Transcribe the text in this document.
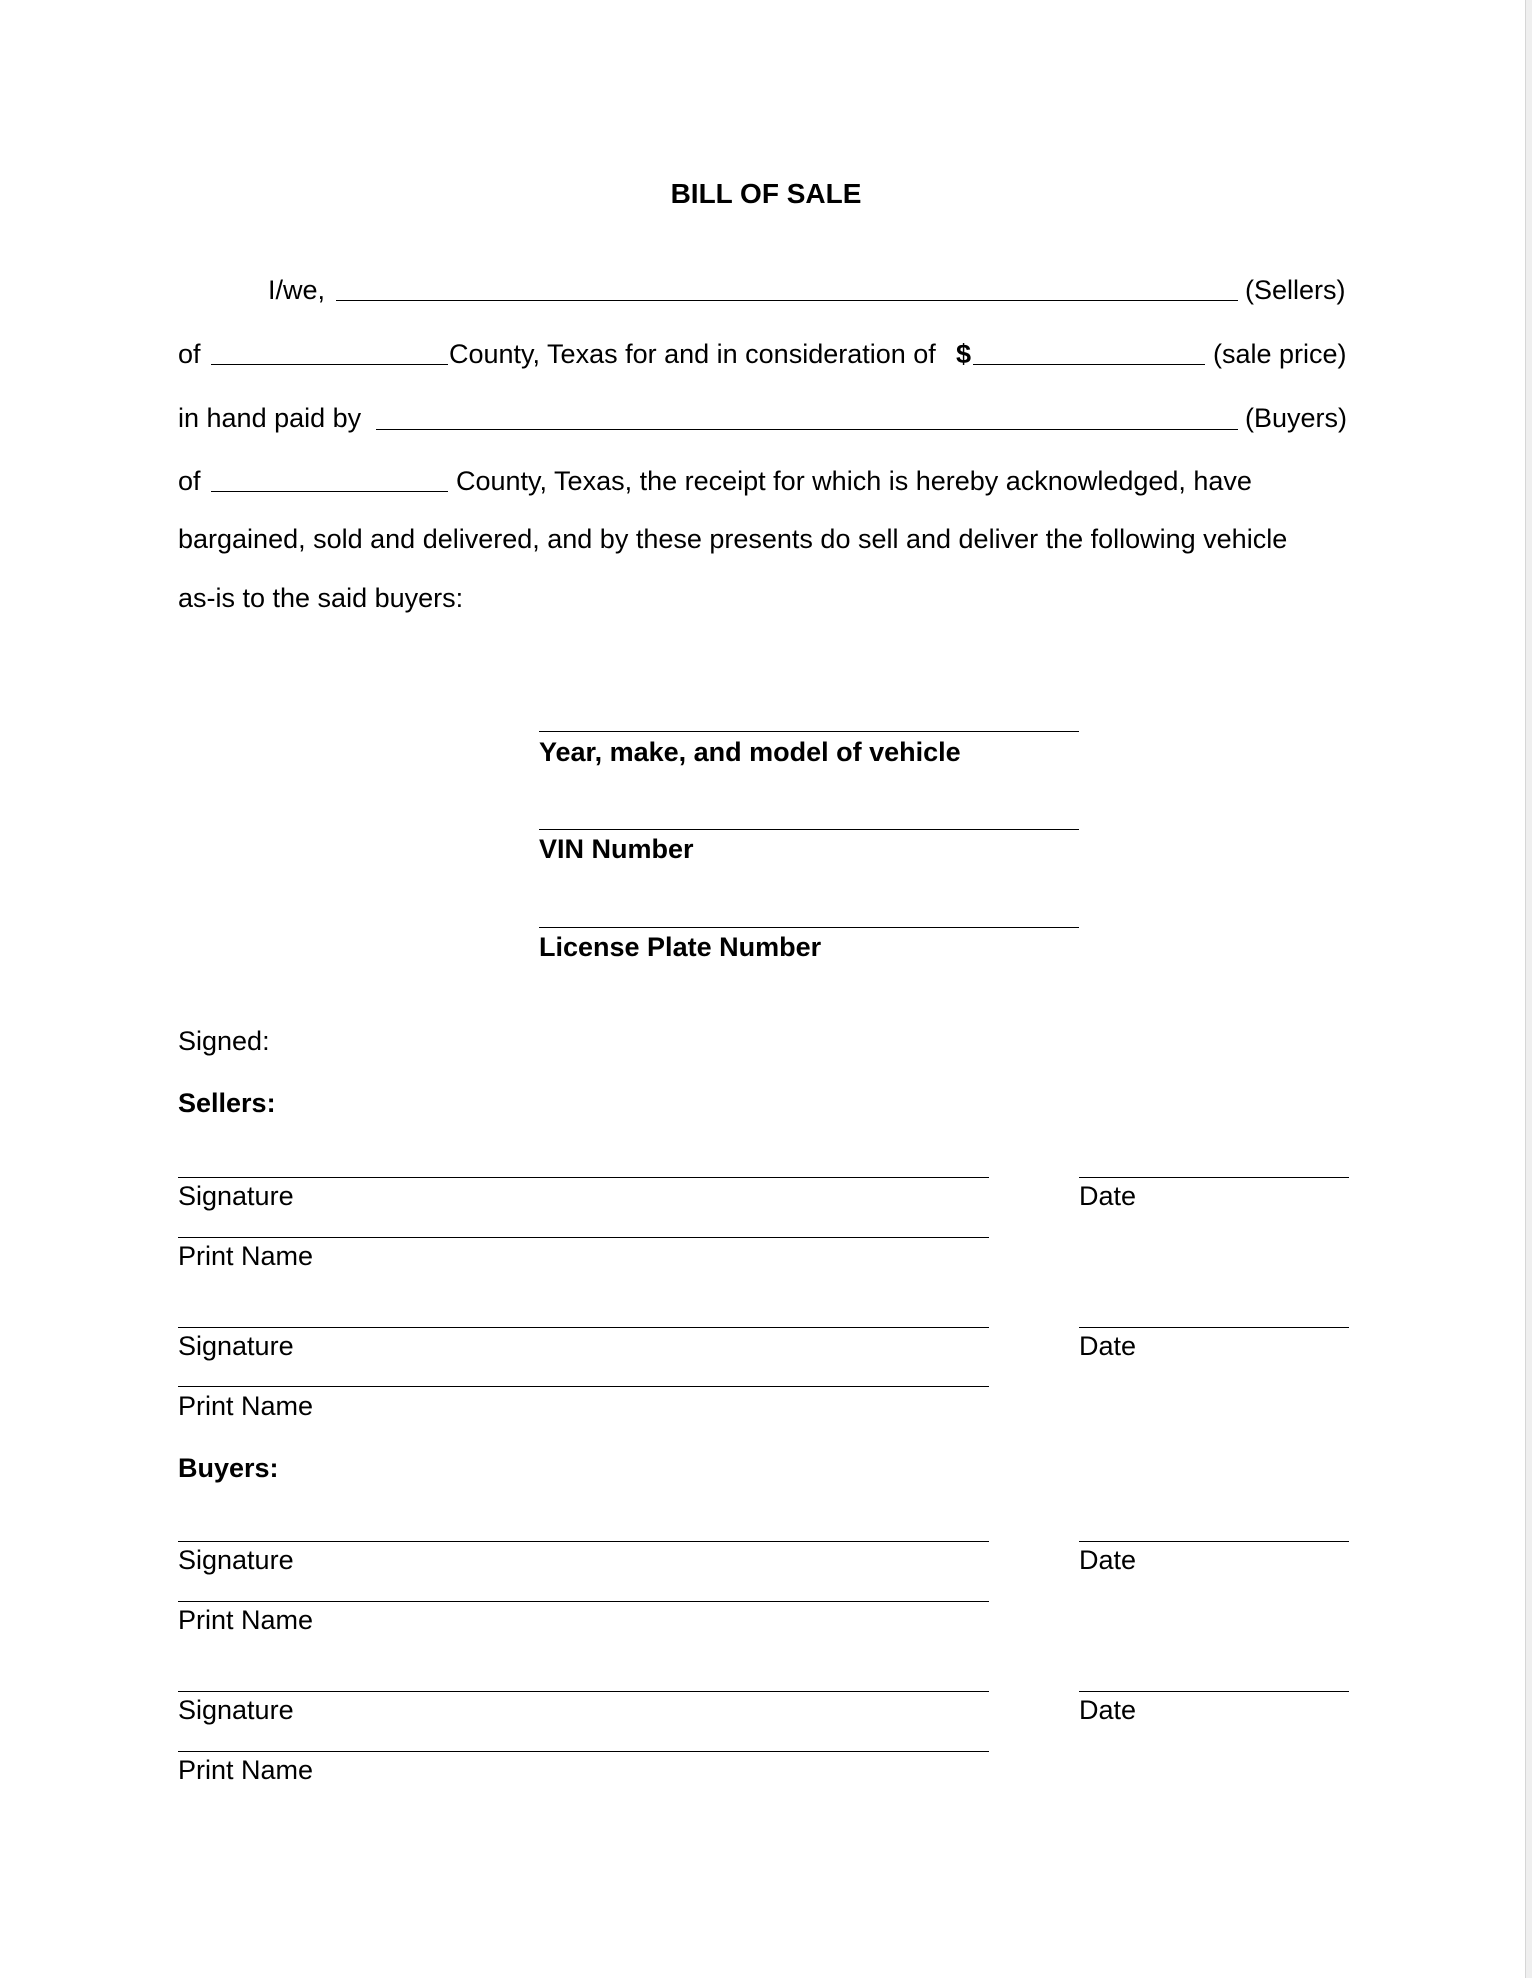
BILL OF SALE
I/we,	(Sellers)
of	County, Texas for and in consideration of $	(sale price)
in hand paid by	(Buyers)
of	County, Texas, the receipt for which is hereby acknowledged, have
bargained, sold and delivered, and by these presents do sell and deliver the following vehicle
as-is to the said buyers:
Year, make, and model of vehicle
VIN Number
License Plate Number
Signed:
Sellers:
Signature	Date
Print Name
Signature	Date
Print Name
Buyers:
Signature	Date
Print Name
Signature	Date
Print Name
